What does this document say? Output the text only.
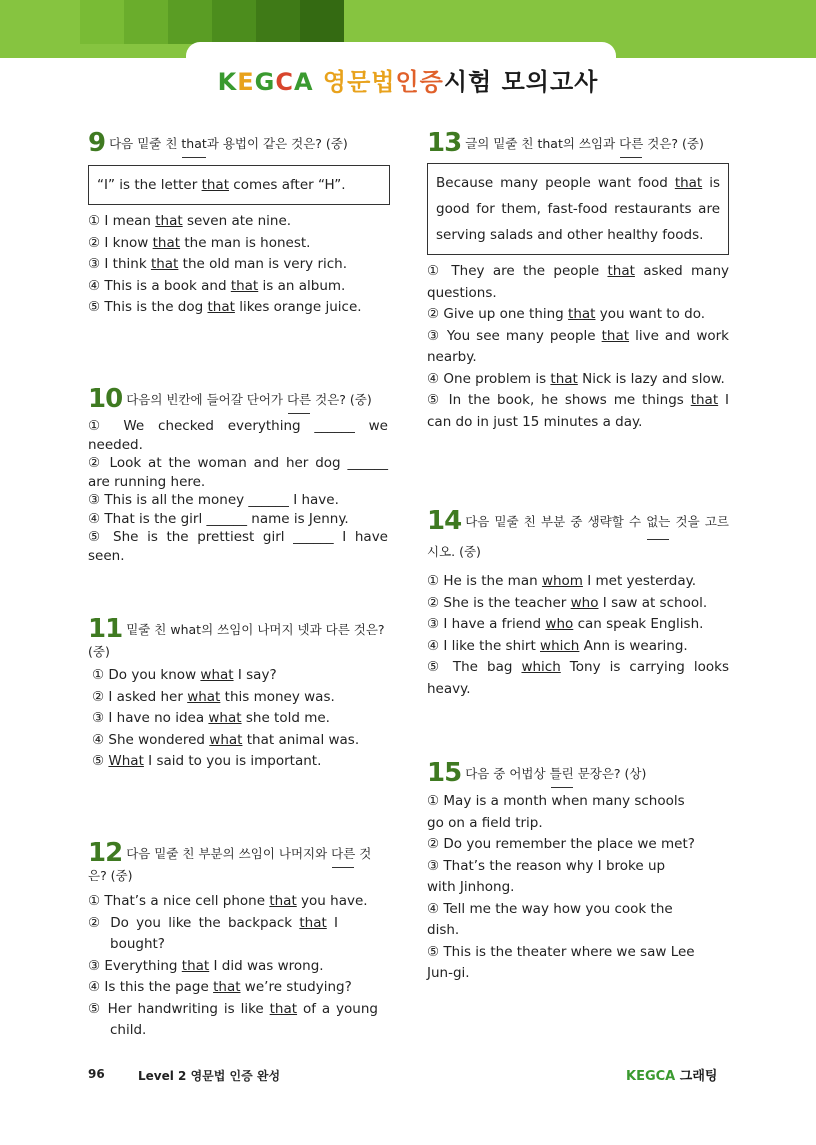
KEGCA 영문법인증시험 모의고사
9 다음 밑줄 친 that과 용법이 같은 것은? (중)
“I” is the letter that comes after “H”.
① I mean that seven ate nine.
② I know that the man is honest.
③ I think that the old man is very rich.
④ This is a book and that is an album.
⑤ This is the dog that likes orange juice.
10 다음의 빈칸에 들어갈 단어가 다른 것은? (중)
① We checked everything ______ we needed.
② Look at the woman and her dog ______ are running here.
③ This is all the money ______ I have.
④ That is the girl ______ name is Jenny.
⑤ She is the prettiest girl ______ I have seen.
11 밑줄 친 what의 쓰임이 나머지 넷과 다른 것은? (중)
① Do you know what I say?
② I asked her what this money was.
③ I have no idea what she told me.
④ She wondered what that animal was.
⑤ What I said to you is important.
12 다음 밑줄 친 부분의 쓰임이 나머지와 다른 것은? (중)
① That’s a nice cell phone that you have.
② Do you like the backpack that I bought?
③ Everything that I did was wrong.
④ Is this the page that we’re studying?
⑤ Her handwriting is like that of a young child.
13 글의 밑줄 친 that의 쓰임과 다른 것은? (중)
Because many people want food that is good for them, fast-food restaurants are serving salads and other healthy foods.
① They are the people that asked many questions.
② Give up one thing that you want to do.
③ You see many people that live and work nearby.
④ One problem is that Nick is lazy and slow.
⑤ In the book, he shows me things that I can do in just 15 minutes a day.
14 다음 밑줄 친 부분 중 생략할 수 없는 것을 고르시오. (중)
① He is the man whom I met yesterday.
② She is the teacher who I saw at school.
③ I have a friend who can speak English.
④ I like the shirt which Ann is wearing.
⑤ The bag which Tony is carrying looks heavy.
15 다음 중 어법상 틀린 문장은? (상)
① May is a month when many schools go on a field trip.
② Do you remember the place we met?
③ That’s the reason why I broke up with Jinhong.
④ Tell me the way how you cook the dish.
⑤ This is the theater where we saw Lee Jun-gi.
96	Level 2 영문법 인증 완성	KEGCA 그래팅
